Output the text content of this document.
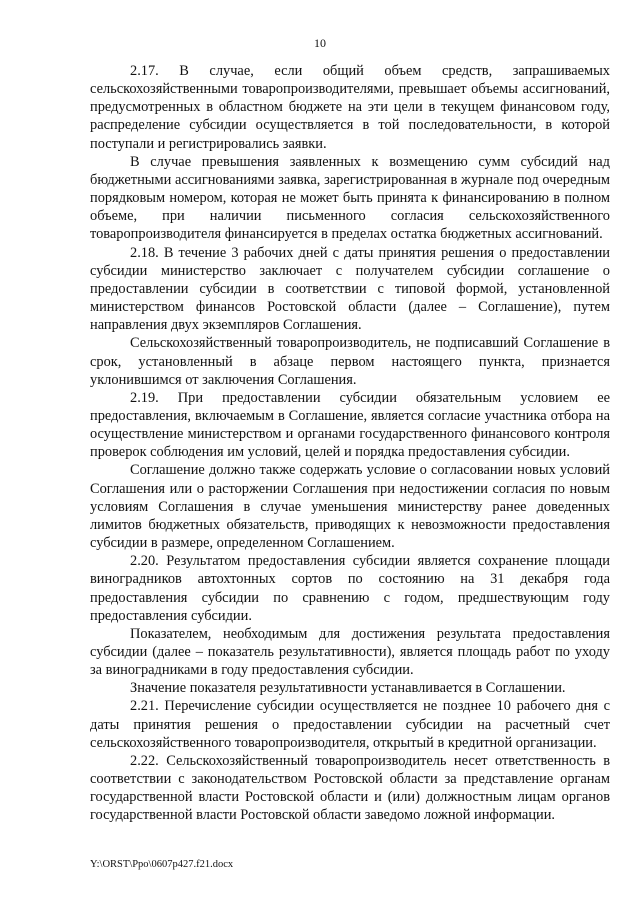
10

2.17. В случае, если общий объем средств, запрашиваемых сельскохозяйственными товаропроизводителями, превышает объемы ассигнований, предусмотренных в областном бюджете на эти цели в текущем финансовом году, распределение субсидии осуществляется в той последовательности, в которой поступали и регистрировались заявки.

В случае превышения заявленных к возмещению сумм субсидий над бюджетными ассигнованиями заявка, зарегистрированная в журнале под очередным порядковым номером, которая не может быть принята к финансированию в полном объеме, при наличии письменного согласия сельскохозяйственного товаропроизводителя финансируется в пределах остатка бюджетных ассигнований.

2.18. В течение 3 рабочих дней с даты принятия решения о предоставлении субсидии министерство заключает с получателем субсидии соглашение о предоставлении субсидии в соответствии с типовой формой, установленной министерством финансов Ростовской области (далее – Соглашение), путем направления двух экземпляров Соглашения.

Сельскохозяйственный товаропроизводитель, не подписавший Соглашение в срок, установленный в абзаце первом настоящего пункта, признается уклонившимся от заключения Соглашения.

2.19. При предоставлении субсидии обязательным условием ее предоставления, включаемым в Соглашение, является согласие участника отбора на осуществление министерством и органами государственного финансового контроля проверок соблюдения им условий, целей и порядка предоставления субсидии.

Соглашение должно также содержать условие о согласовании новых условий Соглашения или о расторжении Соглашения при недостижении согласия по новым условиям Соглашения в случае уменьшения министерству ранее доведенных лимитов бюджетных обязательств, приводящих к невозможности предоставления субсидии в размере, определенном Соглашением.

2.20. Результатом предоставления субсидии является сохранение площади виноградников автохтонных сортов по состоянию на 31 декабря года предоставления субсидии по сравнению с годом, предшествующим году предоставления субсидии.

Показателем, необходимым для достижения результата предоставления субсидии (далее – показатель результативности), является площадь работ по уходу за виноградниками в году предоставления субсидии.

Значение показателя результативности устанавливается в Соглашении.

2.21. Перечисление субсидии осуществляется не позднее 10 рабочего дня с даты принятия решения о предоставлении субсидии на расчетный счет сельскохозяйственного товаропроизводителя, открытый в кредитной организации.

2.22. Сельскохозяйственный товаропроизводитель несет ответственность в соответствии с законодательством Ростовской области за представление органам государственной власти Ростовской области и (или) должностным лицам органов государственной власти Ростовской области заведомо ложной информации.

Y:\ORST\Ppo\0607p427.f21.docx
